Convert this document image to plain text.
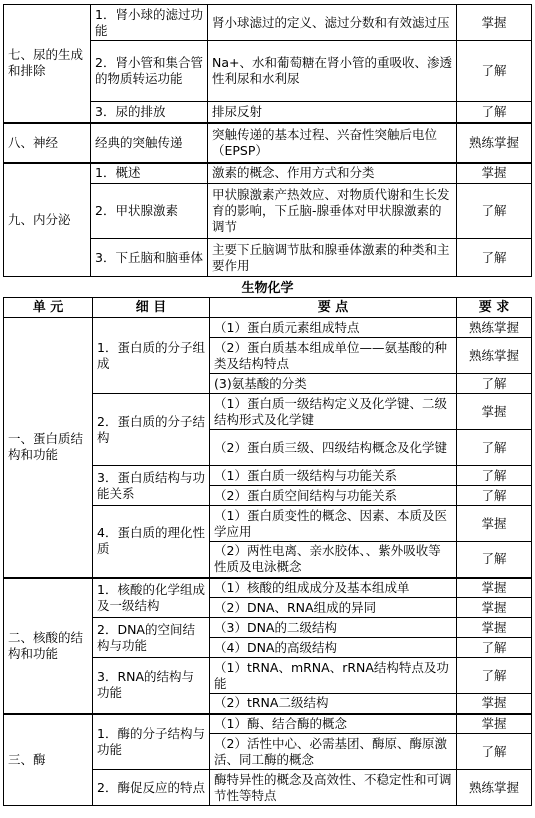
七、尿的生成和排除	1．肾小球的滤过功能	肾小球滤过的定义、滤过分数和有效滤过压	掌握
	2．肾小管和集合管的物质转运功能	Na+、水和葡萄糖在肾小管的重吸收、渗透性利尿和水利尿	了解
	3．尿的排放	排尿反射	了解
八、神经	经典的突触传递	突触传递的基本过程、兴奋性突触后电位（EPSP）	熟练掌握
九、内分泌	1．概述	激素的概念、作用方式和分类	掌握
	2．甲状腺激素	甲状腺激素产热效应、对物质代谢和生长发育的影响，下丘脑-腺垂体对甲状腺激素的调节	了解
	3．下丘脑和脑垂体	主要下丘脑调节肽和腺垂体激素的种类和主要作用	了解
生物化学
单 元	细 目	要 点	要 求
一、蛋白质结构和功能	1．蛋白质的分子组成	（1）蛋白质元素组成特点	熟练掌握
		（2）蛋白质基本组成单位——氨基酸的种类及结构特点	熟练掌握
		(3)氨基酸的分类	了解
	2．蛋白质的分子结构	（1）蛋白质一级结构定义及化学键、二级结构形式及化学键	掌握
		（2）蛋白质三级、四级结构概念及化学键	了解
	3．蛋白质结构与功能关系	（1）蛋白质一级结构与功能关系	了解
		（2）蛋白质空间结构与功能关系	了解
	4．蛋白质的理化性质	（1）蛋白质变性的概念、因素、本质及医学应用	掌握
		（2）两性电离、亲水胶体、、紫外吸收等性质及电泳概念	了解
二、核酸的结构和功能	1．核酸的化学组成及一级结构	（1）核酸的组成成分及基本组成单	掌握
		（2）DNA、RNA组成的异同	掌握
	2．DNA的空间结构与功能	（3）DNA的二级结构	掌握
		（4）DNA的高级结构	了解
	3．RNA的结构与功能	（1）tRNA、mRNA、rRNA结构特点及功能	了解
		（2）tRNA二级结构	掌握
三、酶	1．酶的分子结构与功能	（1）酶、结合酶的概念	掌握
		（2）活性中心、必需基团、酶原、酶原激活、同工酶的概念	了解
	2．酶促反应的特点	酶特异性的概念及高效性、不稳定性和可调节性等特点	熟练掌握
